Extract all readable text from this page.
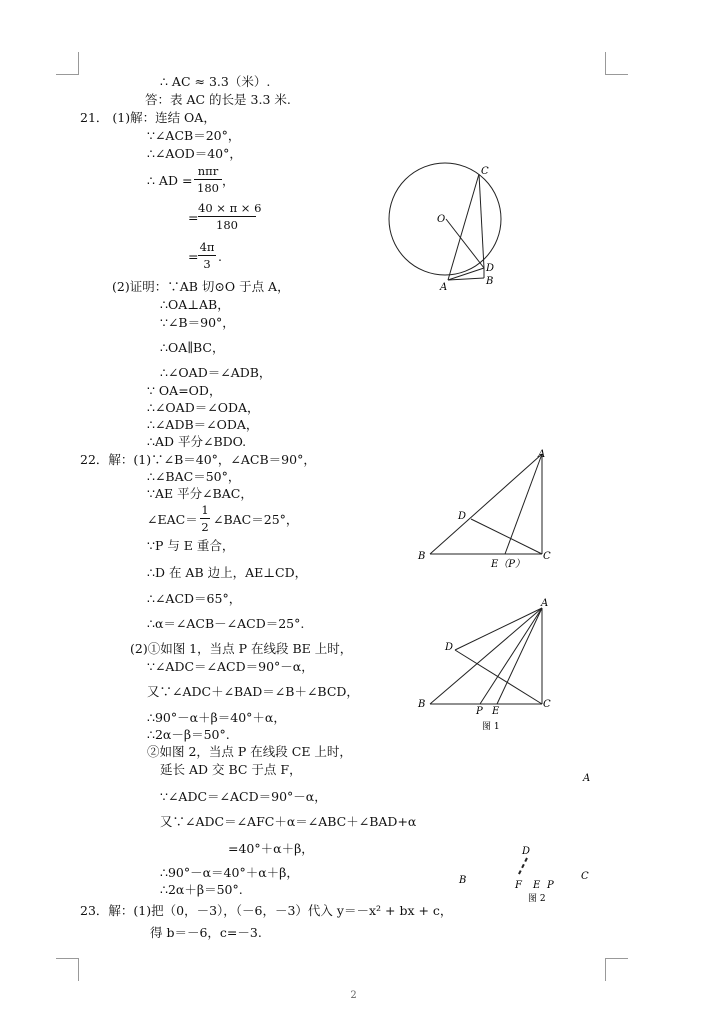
∴ AC ≈ 3.3（米）.
答：表 AC 的长是 3.3 米.
21． (1)解：连结 OA，
∵∠ACB＝20°，
∴∠AOD＝40°，
∴ AD =
nπr
180 ，
=
40 × π × 6
180
=
4π
3 .
(2)证明：∵AB 切⊙O 于点 A，
∴OA⊥AB，
∵∠B＝90°，
∴OA∥BC，
∴∠OAD＝∠ADB，
∵ OA=OD，
∴∠OAD＝∠ODA，
∴∠ADB＝∠ODA，
∴AD 平分∠BDO.
22．解：(1)∵∠B＝40°，∠ACB＝90°，
∴∠BAC＝50°，
∵AE 平分∠BAC，
∠EAC＝
1
2 ∠BAC＝25°，
∵P 与 E 重合，
∴D 在 AB 边上，AE⊥CD，
∴∠ACD＝65°，
∴α＝∠ACB－∠ACD＝25°.
(2)①如图 1，当点 P 在线段 BE 上时，
∵∠ADC＝∠ACD＝90°－α，
又∵∠ADC＋∠BAD＝∠B＋∠BCD，
∴90°－α＋β＝40°＋α，
∴2α－β＝50°.
②如图 2，当点 P 在线段 CE 上时，
延长 AD 交 BC 于点 F，
∵∠ADC＝∠ACD＝90°－α，
又∵∠ADC＝∠AFC＋α＝∠ABC＋∠BAD+α
=40°＋α＋β，
∴90°－α＝40°＋α＋β，
∴2α＋β＝50°.
23．解：(1)把（0，－3），（－6，－3）代入 y＝－x² + bx + c，
得 b＝－6，c=－3.
C
O
D
A
B
A
D
B	C
E（P）
A
D
B	C
P E
图 1
A
D
B	C
F E P
图 2
2
